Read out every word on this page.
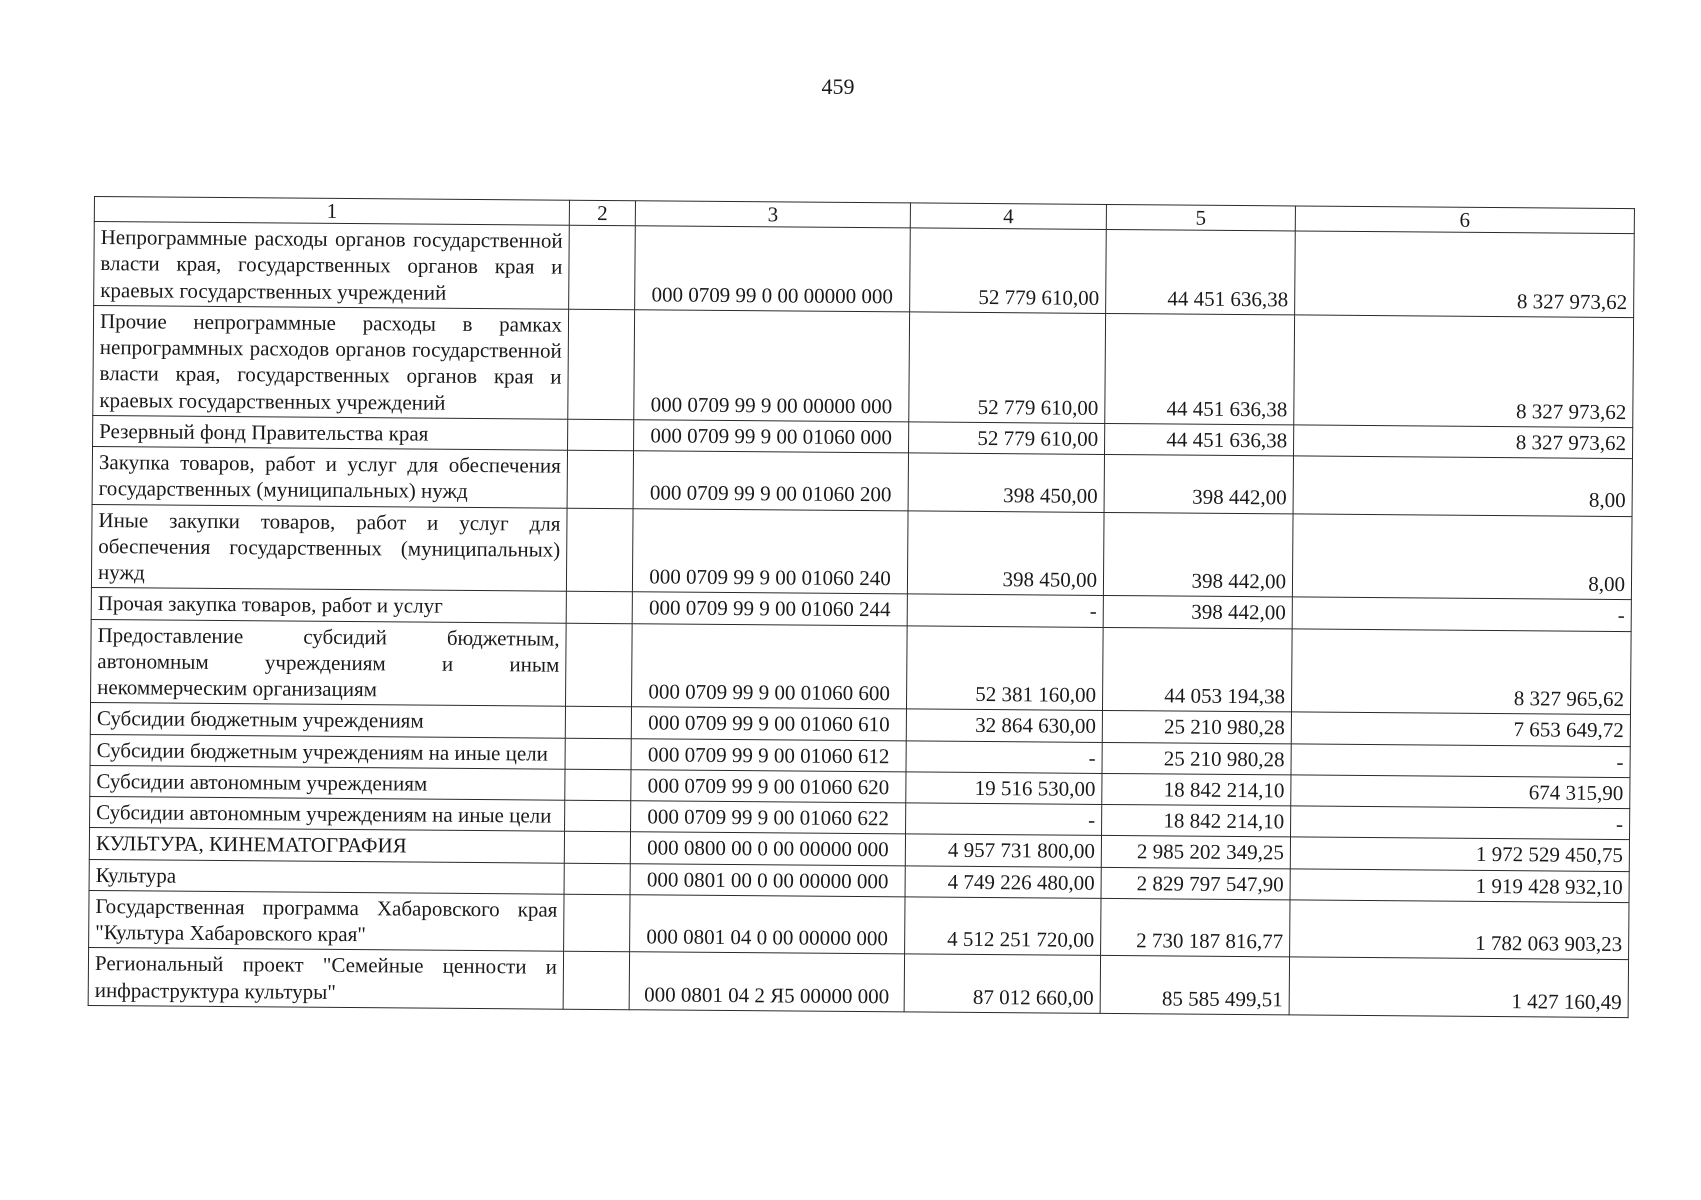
459
1	2	3	4	5	6
Непрограммные расходы органов государственной власти края, государственных органов края и краевых государственных учреждений		000 0709 99 0 00 00000 000	52 779 610,00	44 451 636,38	8 327 973,62
Прочие непрограммные расходы в рамках непрограммных расходов органов государственной власти края, государственных органов края и краевых государственных учреждений		000 0709 99 9 00 00000 000	52 779 610,00	44 451 636,38	8 327 973,62
Резервный фонд Правительства края		000 0709 99 9 00 01060 000	52 779 610,00	44 451 636,38	8 327 973,62
Закупка товаров, работ и услуг для обеспечения государственных (муниципальных) нужд		000 0709 99 9 00 01060 200	398 450,00	398 442,00	8,00
Иные закупки товаров, работ и услуг для обеспечения государственных (муниципальных) нужд		000 0709 99 9 00 01060 240	398 450,00	398 442,00	8,00
Прочая закупка товаров, работ и услуг		000 0709 99 9 00 01060 244	-	398 442,00	-
Предоставление субсидий бюджетным, автономным учреждениям и иным некоммерческим организациям		000 0709 99 9 00 01060 600	52 381 160,00	44 053 194,38	8 327 965,62
Субсидии бюджетным учреждениям		000 0709 99 9 00 01060 610	32 864 630,00	25 210 980,28	7 653 649,72
Субсидии бюджетным учреждениям на иные цели		000 0709 99 9 00 01060 612	-	25 210 980,28	-
Субсидии автономным учреждениям		000 0709 99 9 00 01060 620	19 516 530,00	18 842 214,10	674 315,90
Субсидии автономным учреждениям на иные цели		000 0709 99 9 00 01060 622	-	18 842 214,10	-
КУЛЬТУРА, КИНЕМАТОГРАФИЯ		000 0800 00 0 00 00000 000	4 957 731 800,00	2 985 202 349,25	1 972 529 450,75
Культура		000 0801 00 0 00 00000 000	4 749 226 480,00	2 829 797 547,90	1 919 428 932,10
Государственная программа Хабаровского края "Культура Хабаровского края"		000 0801 04 0 00 00000 000	4 512 251 720,00	2 730 187 816,77	1 782 063 903,23
Региональный проект "Семейные ценности и инфраструктура культуры"		000 0801 04 2 Я5 00000 000	87 012 660,00	85 585 499,51	1 427 160,49
